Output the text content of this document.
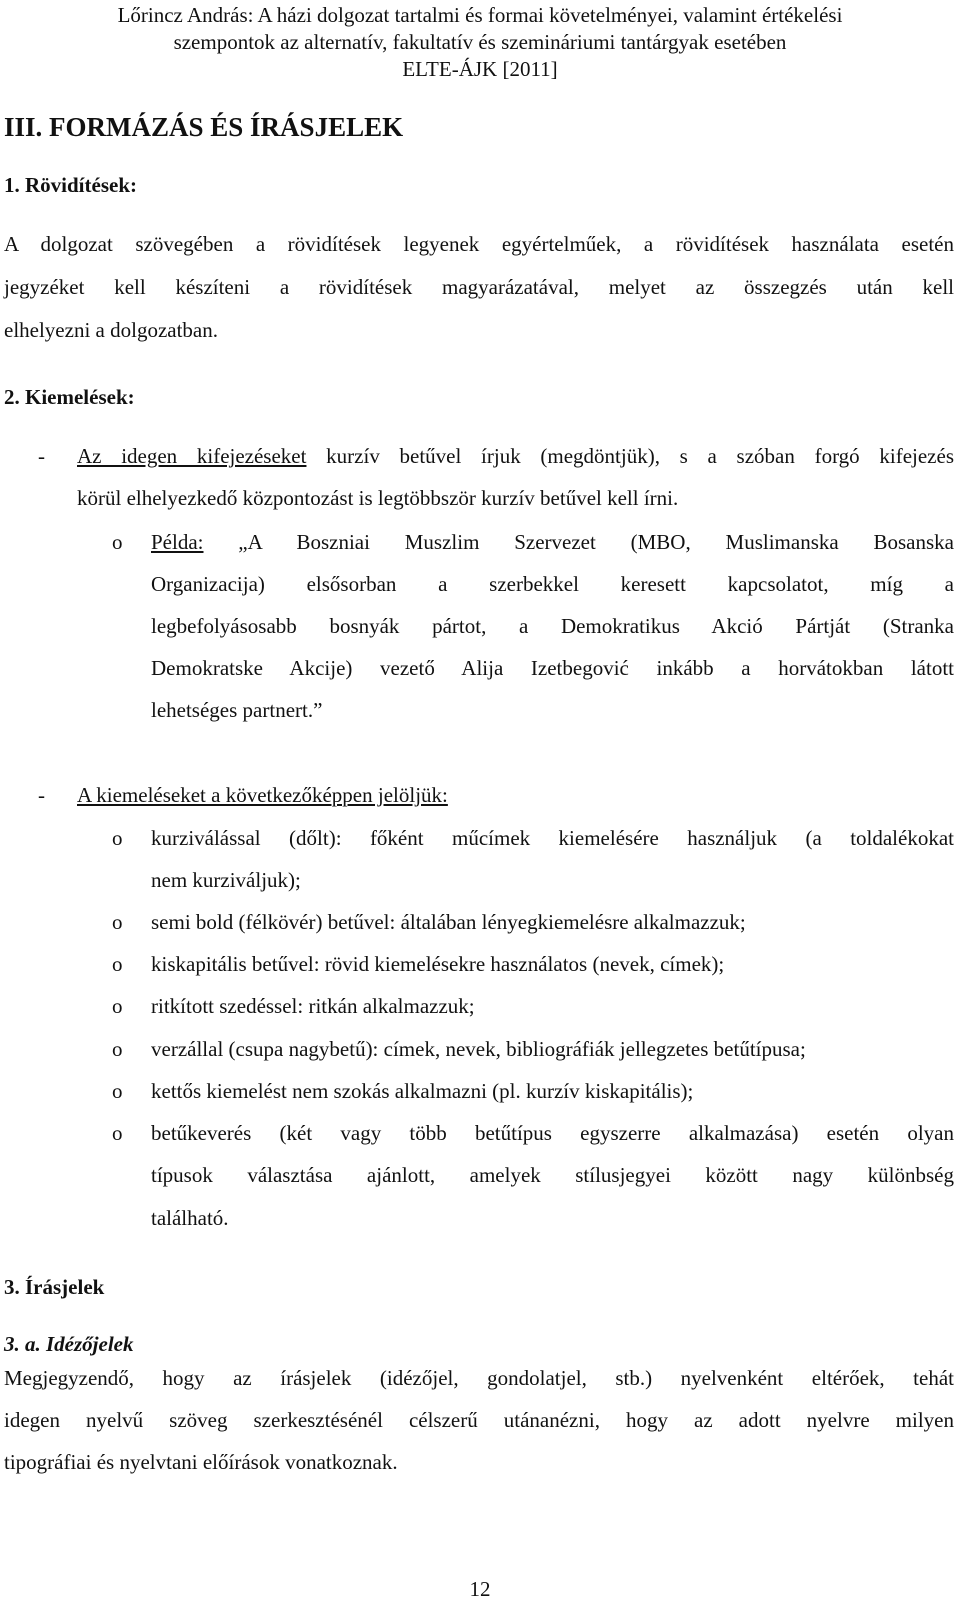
Lőrincz András: A házi dolgozat tartalmi és formai követelményei, valamint értékelési
szempontok az alternatív, fakultatív és szemináriumi tantárgyak esetében
ELTE-ÁJK [2011]
III. FORMÁZÁS ÉS ÍRÁSJELEK
1. Rövidítések:
A dolgozat szövegében a rövidítések legyenek egyértelműek, a rövidítések használata esetén
jegyzéket kell készíteni a rövidítések magyarázatával, melyet az összegzés után kell
elhelyezni a dolgozatban.
2. Kiemelések:
- Az idegen kifejezéseket kurzív betűvel írjuk (megdöntjük), s a szóban forgó kifejezés
körül elhelyezkedő központozást is legtöbbször kurzív betűvel kell írni.
o Példa: „A Boszniai Muszlim Szervezet (MBO, Muslimanska Bosanska
Organizacija) elsősorban a szerbekkel keresett kapcsolatot, míg a
legbefolyásosabb bosnyák pártot, a Demokratikus Akció Pártját (Stranka
Demokratske Akcije) vezető Alija Izetbegović inkább a horvátokban látott
lehetséges partnert.”
- A kiemeléseket a következőképpen jelöljük:
o kurziválással (dőlt): főként műcímek kiemelésére használjuk (a toldalékokat
nem kurziváljuk);
o semi bold (félkövér) betűvel: általában lényegkiemelésre alkalmazzuk;
o kiskapitális betűvel: rövid kiemelésekre használatos (nevek, címek);
o ritkított szedéssel: ritkán alkalmazzuk;
o verzállal (csupa nagybetű): címek, nevek, bibliográfiák jellegzetes betűtípusa;
o kettős kiemelést nem szokás alkalmazni (pl. kurzív kiskapitális);
o betűkeverés (két vagy több betűtípus egyszerre alkalmazása) esetén olyan
típusok választása ajánlott, amelyek stílusjegyei között nagy különbség
található.
3. Írásjelek
3. a. Idézőjelek
Megjegyzendő, hogy az írásjelek (idézőjel, gondolatjel, stb.) nyelvenként eltérőek, tehát
idegen nyelvű szöveg szerkesztésénél célszerű utánanézni, hogy az adott nyelvre milyen
tipográfiai és nyelvtani előírások vonatkoznak.
12
